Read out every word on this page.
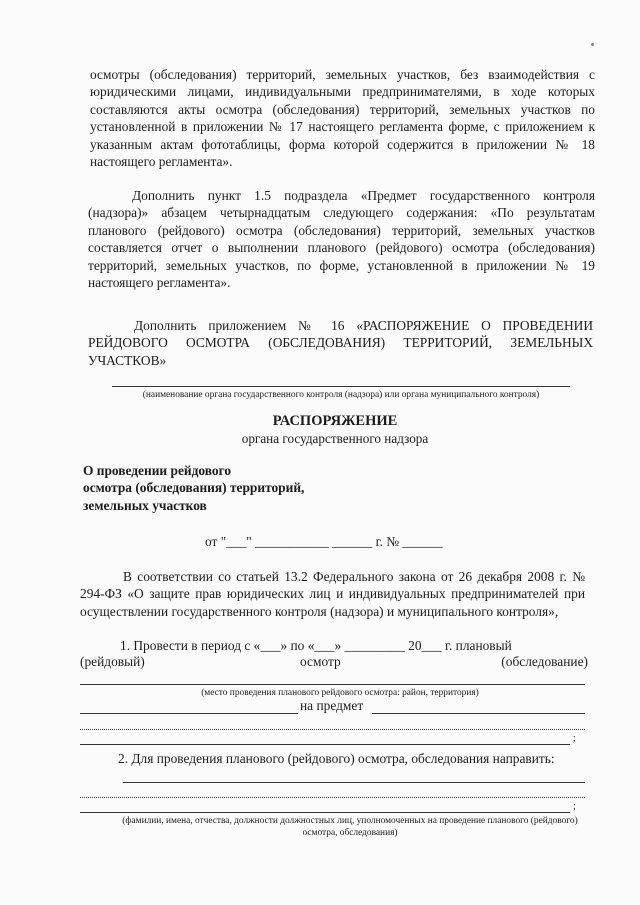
осмотры (обследования) территорий, земельных участков, без взаимодействия с юридическими лицами, индивидуальными предпринимателями, в ходе которых составляются акты осмотра (обследования) территорий, земельных участков по установленной в приложении № 17 настоящего регламента форме, с приложением к указанным актам фототаблицы, форма которой содержится в приложении № 18 настоящего регламента».
Дополнить пункт 1.5 подраздела «Предмет государственного контроля (надзора)» абзацем четырнадцатым следующего содержания: «По результатам планового (рейдового) осмотра (обследования) территорий, земельных участков составляется отчет о выполнении планового (рейдового) осмотра (обследования) территорий, земельных участков, по форме, установленной в приложении № 19 настоящего регламента».
Дополнить приложением № 16 «РАСПОРЯЖЕНИЕ О ПРОВЕДЕНИИ РЕЙДОВОГО ОСМОТРА (ОБСЛЕДОВАНИЯ) ТЕРРИТОРИЙ, ЗЕМЕЛЬНЫХ УЧАСТКОВ»
(наименование органа государственного контроля (надзора) или органа муниципального контроля)
РАСПОРЯЖЕНИЕ
органа государственного надзора
О проведении рейдового
осмотра (обследования) территорий,
земельных участков
от "___" ___________ ______ г. № ______
В соответствии со статьей 13.2 Федерального закона от 26 декабря 2008 г. № 294-ФЗ «О защите прав юридических лиц и индивидуальных предпринимателей при осуществлении государственного контроля (надзора) и муниципального контроля»,
1. Провести в период с «___» по «___» _________ 20___ г. плановый
(рейдовый)	осмотр	(обследование)
(место проведения планового рейдового осмотра: район, территория)
на предмет
;
2. Для проведения планового (рейдового) осмотра, обследования направить:
;
(фамилии, имена, отчества, должности должностных лиц, уполномоченных на проведение планового (рейдового) осмотра, обследования)
